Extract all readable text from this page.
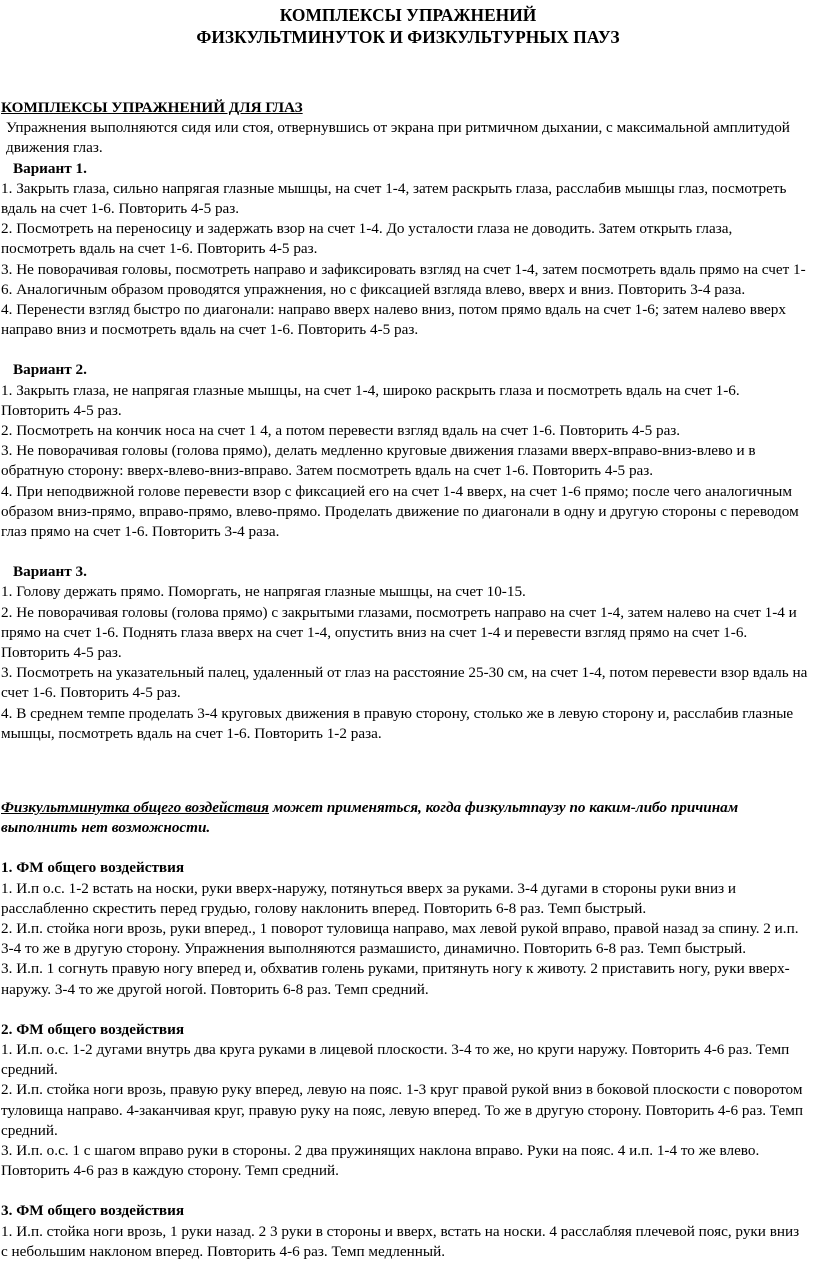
КОМПЛЕКСЫ УПРАЖНЕНИЙ
ФИЗКУЛЬТМИНУТОК И ФИЗКУЛЬТУРНЫХ ПАУЗ

КОМПЛЕКСЫ УПРАЖНЕНИЙ ДЛЯ ГЛАЗ

Упражнения выполняются сидя или стоя, отвернувшись от экрана при ритмичном дыхании, с максимальной амплитудой движения глаз.

Вариант 1.

1. Закрыть глаза, сильно напрягая глазные мышцы, на счет 1-4, затем раскрыть глаза, расслабив мышцы глаз, посмотреть вдаль на счет 1-6. Повторить 4-5 раз.

2. Посмотреть на переносицу и задержать взор на счет 1-4. До усталости глаза не доводить. Затем открыть глаза, посмотреть вдаль на счет 1-6. Повторить 4-5 раз.

3. Не поворачивая головы, посмотреть направо и зафиксировать взгляд на счет 1-4, затем посмотреть вдаль прямо на счет 1-6. Аналогичным образом проводятся упражнения, но с фиксацией взгляда влево, вверх и вниз. Повторить 3-4 раза.

4. Перенести взгляд быстро по диагонали: направо вверх налево вниз, потом прямо вдаль на счет 1-6; затем налево вверх направо вниз и посмотреть вдаль на счет 1-6. Повторить 4-5 раз.

Вариант 2.

1. Закрыть глаза, не напрягая глазные мышцы, на счет 1-4, широко раскрыть глаза и посмотреть вдаль на счет 1-6. Повторить 4-5 раз.

2. Посмотреть на кончик носа на счет 1 4, а потом перевести взгляд вдаль на счет 1-6. Повторить 4-5 раз.

3. Не поворачивая головы (голова прямо), делать медленно круговые движения глазами вверх-вправо-вниз-влево и в обратную сторону: вверх-влево-вниз-вправо. Затем посмотреть вдаль на счет 1-6. Повторить 4-5 раз.

4. При неподвижной голове перевести взор с фиксацией его на счет 1-4 вверх, на счет 1-6 прямо; после чего аналогичным образом вниз-прямо, вправо-прямо, влево-прямо. Проделать движение по диагонали в одну и другую стороны с переводом глаз прямо на счет 1-6. Повторить 3-4 раза.

Вариант 3.

1. Голову держать прямо. Поморгать, не напрягая глазные мышцы, на счет 10-15.

2. Не поворачивая головы (голова прямо) с закрытыми глазами, посмотреть направо на счет 1-4, затем налево на счет 1-4 и прямо на счет 1-6. Поднять глаза вверх на счет 1-4, опустить вниз на счет 1-4 и перевести взгляд прямо на счет 1-6. Повторить 4-5 раз.

3. Посмотреть на указательный палец, удаленный от глаз на расстояние 25-30 см, на счет 1-4, потом перевести взор вдаль на счет 1-6. Повторить 4-5 раз.

4. В среднем темпе проделать 3-4 круговых движения в правую сторону, столько же в левую сторону и, расслабив глазные мышцы, посмотреть вдаль на счет 1-6. Повторить 1-2 раза.

Физкультминутка общего воздействия может применяться, когда физкультпаузу по каким-либо причинам выполнить нет возможности.

1. ФМ общего воздействия

1. И.п о.с. 1-2 встать на носки, руки вверх-наружу, потянуться вверх за руками. 3-4 дугами в стороны руки вниз и расслабленно скрестить перед грудью, голову наклонить вперед. Повторить 6-8 раз. Темп быстрый.

2. И.п. стойка ноги врозь, руки вперед., 1 поворот туловища направо, мах левой рукой вправо, правой назад за спину. 2 и.п. 3-4 то же в другую сторону. Упражнения выполняются размашисто, динамично. Повторить 6-8 раз. Темп быстрый.

3. И.п. 1 согнуть правую ногу вперед и, обхватив голень руками, притянуть ногу к животу. 2 приставить ногу, руки вверх-наружу. 3-4 то же другой ногой. Повторить 6-8 раз. Темп средний.

2. ФМ общего воздействия

1. И.п. о.с. 1-2 дугами внутрь два круга руками в лицевой плоскости. 3-4 то же, но круги наружу. Повторить 4-6 раз. Темп средний.

2. И.п. стойка ноги врозь, правую руку вперед, левую на пояс. 1-3 круг правой рукой вниз в боковой плоскости с поворотом туловища направо. 4-заканчивая круг, правую руку на пояс, левую вперед. То же в другую сторону. Повторить 4-6 раз. Темп средний.

3. И.п. о.с. 1 с шагом вправо руки в стороны. 2 два пружинящих наклона вправо. Руки на пояс. 4 и.п. 1-4 то же влево. Повторить 4-6 раз в каждую сторону. Темп средний.

3. ФМ общего воздействия

1. И.п. стойка ноги врозь, 1 руки назад. 2 3 руки в стороны и вверх, встать на носки. 4 расслабляя плечевой пояс, руки вниз с небольшим наклоном вперед. Повторить 4-6 раз. Темп медленный.
